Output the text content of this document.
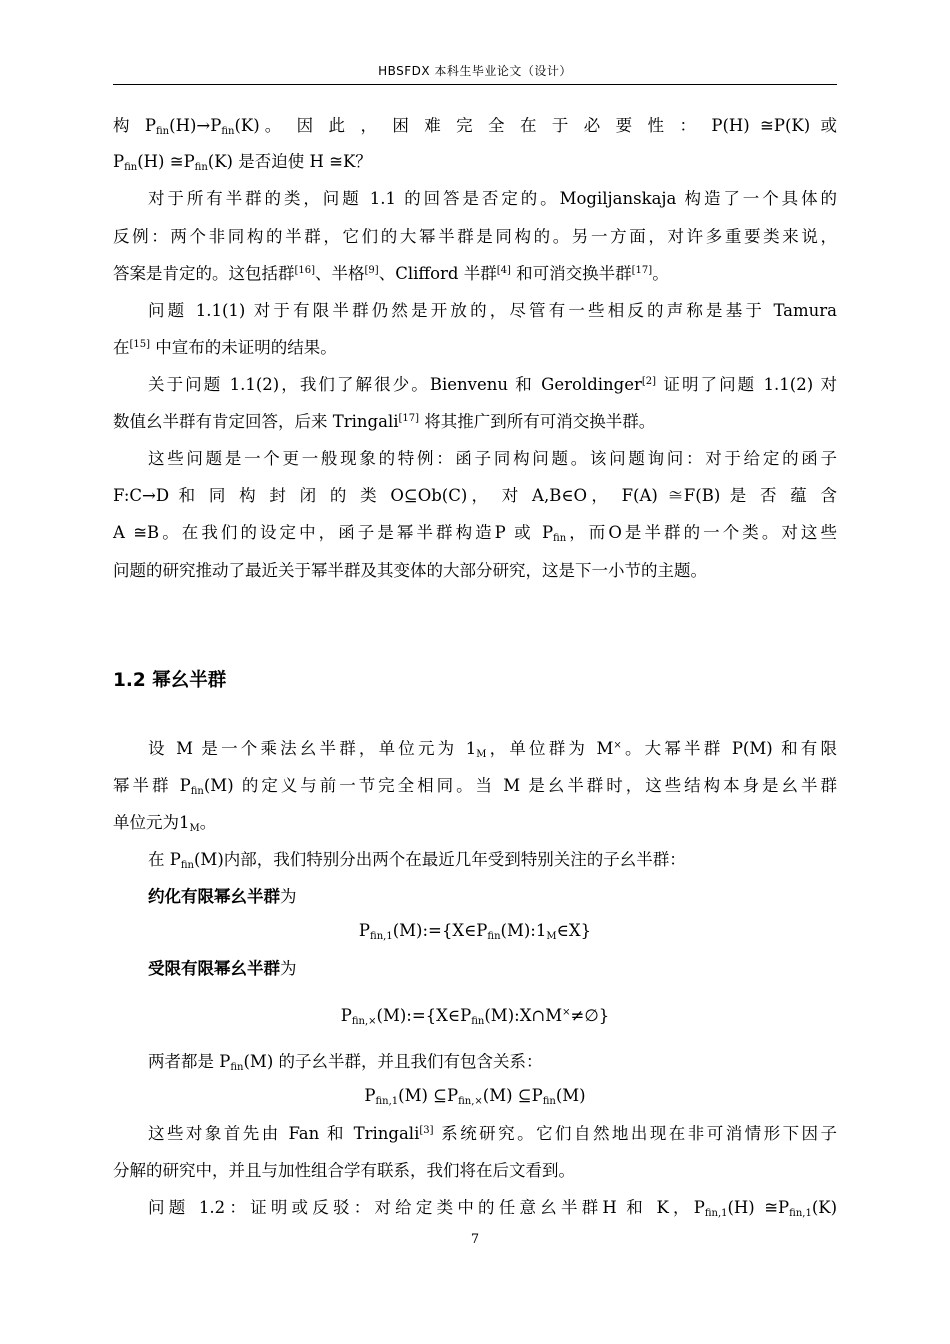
HBSFDX 本科生毕业论文（设计）
构 $P_{fin}(H)\to P_{fin}(K)$。 因 此 ， 困 难 完 全 在 于 必 要 性 ： P(H) ≅P(K) 或
$P_{fin}(H)$ $≅P_{fin}(K)$ 是否迫使 H ≅K？
对于所有半群的类，问题 1.1 的回答是否定的。Mogiljanskaja 构造了一个具体的
反例：两个非同构的半群，它们的大幂半群是同构的。另一方面，对许多重要类来说，
答案是肯定的。这包括群[16]、半格[9]、Clifford 半群[4] 和可消交换半群[17]。
问题 1.1(1) 对于有限半群仍然是开放的，尽管有一些相反的声称是基于 Tamura
在[15] 中宣布的未证明的结果。
关于问题 1.1(2)，我们了解很少。Bienvenu 和 Geroldinger[2] 证明了问题 1.1(2) 对
数值幺半群有肯定回答，后来 Tringali[17] 将其推广到所有可消交换半群。
这些问题是一个更一般现象的特例：函子同构问题。该问题询问：对于给定的函子
F:C→D 和 同 构 封 闭 的 类 O⊆Ob(C)， 对 A,B∈O， F(A) ≅F(B) 是 否 蕴 含
A ≅B。在我们的设定中，函子是幂半群构造P 或 $P_{fin}$，而O是半群的一个类。对这些
问题的研究推动了最近关于幂半群及其变体的大部分研究，这是下一小节的主题。
1.2 幂幺半群
设 M 是一个乘法幺半群，单位元为 $1_M$，单位群为 M×。大幂半群 P(M) 和有限
幂半群 $P_{fin}(M)$ 的定义与前一节完全相同。当 M 是幺半群时，这些结构本身是幺半群
单位元为$1_M$。
在 $P_{fin}(M)$内部，我们特别分出两个在最近几年受到特别关注的子幺半群：
约化有限幂幺半群为
$P_{fin,1}(M):=\{X\in P_{fin}(M):1_M\in X\}$
受限有限幂幺半群为
$P_{fin,\times}(M):=\{X\in P_{fin}(M):X\cap M^\times\ne\emptyset\}$
两者都是 $P_{fin}(M)$ 的子幺半群，并且我们有包含关系：
$P_{fin,1}(M)$ $⊆P_{fin,\times}(M)$ $⊆P_{fin}(M)$
这些对象首先由 Fan 和 Tringali[3] 系统研究。它们自然地出现在非可消情形下因子
分解的研究中，并且与加性组合学有联系，我们将在后文看到。
问题 1.2：证明或反驳：对给定类中的任意幺半群H 和 K，$P_{fin,1}(H)$ $≅P_{fin,1}(K)$
7
